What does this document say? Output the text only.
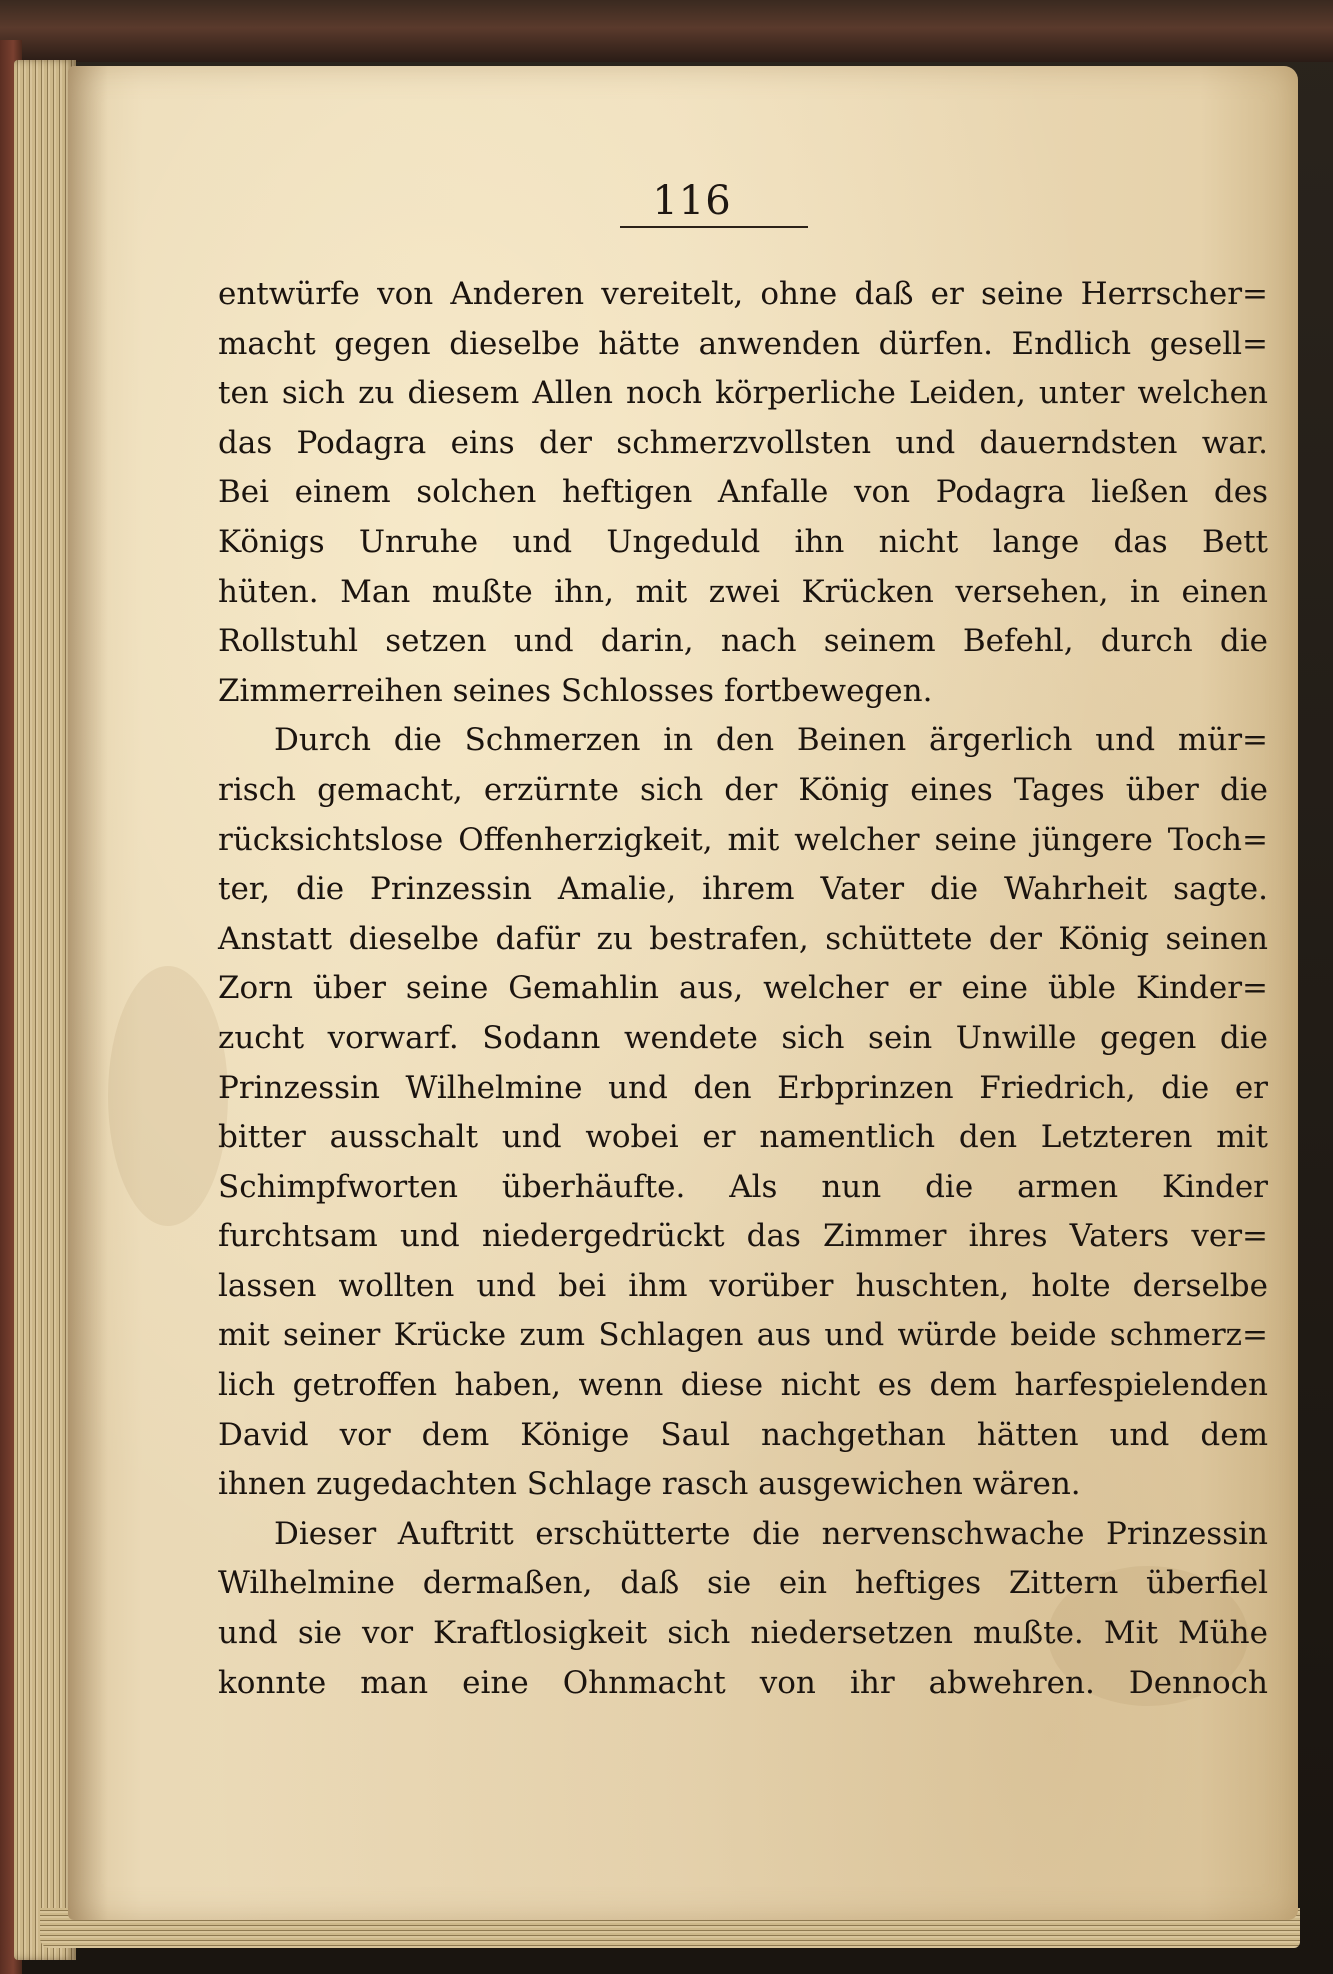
116
entwürfe von Anderen vereitelt, ohne daß er seine Herrscher=
macht gegen dieselbe hätte anwenden dürfen. Endlich gesell=
ten sich zu diesem Allen noch körperliche Leiden, unter welchen
das Podagra eins der schmerzvollsten und dauerndsten war.
Bei einem solchen heftigen Anfalle von Podagra ließen des
Königs Unruhe und Ungeduld ihn nicht lange das Bett
hüten. Man mußte ihn, mit zwei Krücken versehen, in einen
Rollstuhl setzen und darin, nach seinem Befehl, durch die
Zimmerreihen seines Schlosses fortbewegen.
Durch die Schmerzen in den Beinen ärgerlich und mür=
risch gemacht, erzürnte sich der König eines Tages über die
rücksichtslose Offenherzigkeit, mit welcher seine jüngere Toch=
ter, die Prinzessin Amalie, ihrem Vater die Wahrheit sagte.
Anstatt dieselbe dafür zu bestrafen, schüttete der König seinen
Zorn über seine Gemahlin aus, welcher er eine üble Kinder=
zucht vorwarf. Sodann wendete sich sein Unwille gegen die
Prinzessin Wilhelmine und den Erbprinzen Friedrich, die er
bitter ausschalt und wobei er namentlich den Letzteren mit
Schimpfworten überhäufte. Als nun die armen Kinder
furchtsam und niedergedrückt das Zimmer ihres Vaters ver=
lassen wollten und bei ihm vorüber huschten, holte derselbe
mit seiner Krücke zum Schlagen aus und würde beide schmerz=
lich getroffen haben, wenn diese nicht es dem harfespielenden
David vor dem Könige Saul nachgethan hätten und dem
ihnen zugedachten Schlage rasch ausgewichen wären.
Dieser Auftritt erschütterte die nervenschwache Prinzessin
Wilhelmine dermaßen, daß sie ein heftiges Zittern überfiel
und sie vor Kraftlosigkeit sich niedersetzen mußte. Mit Mühe
konnte man eine Ohnmacht von ihr abwehren. Dennoch
